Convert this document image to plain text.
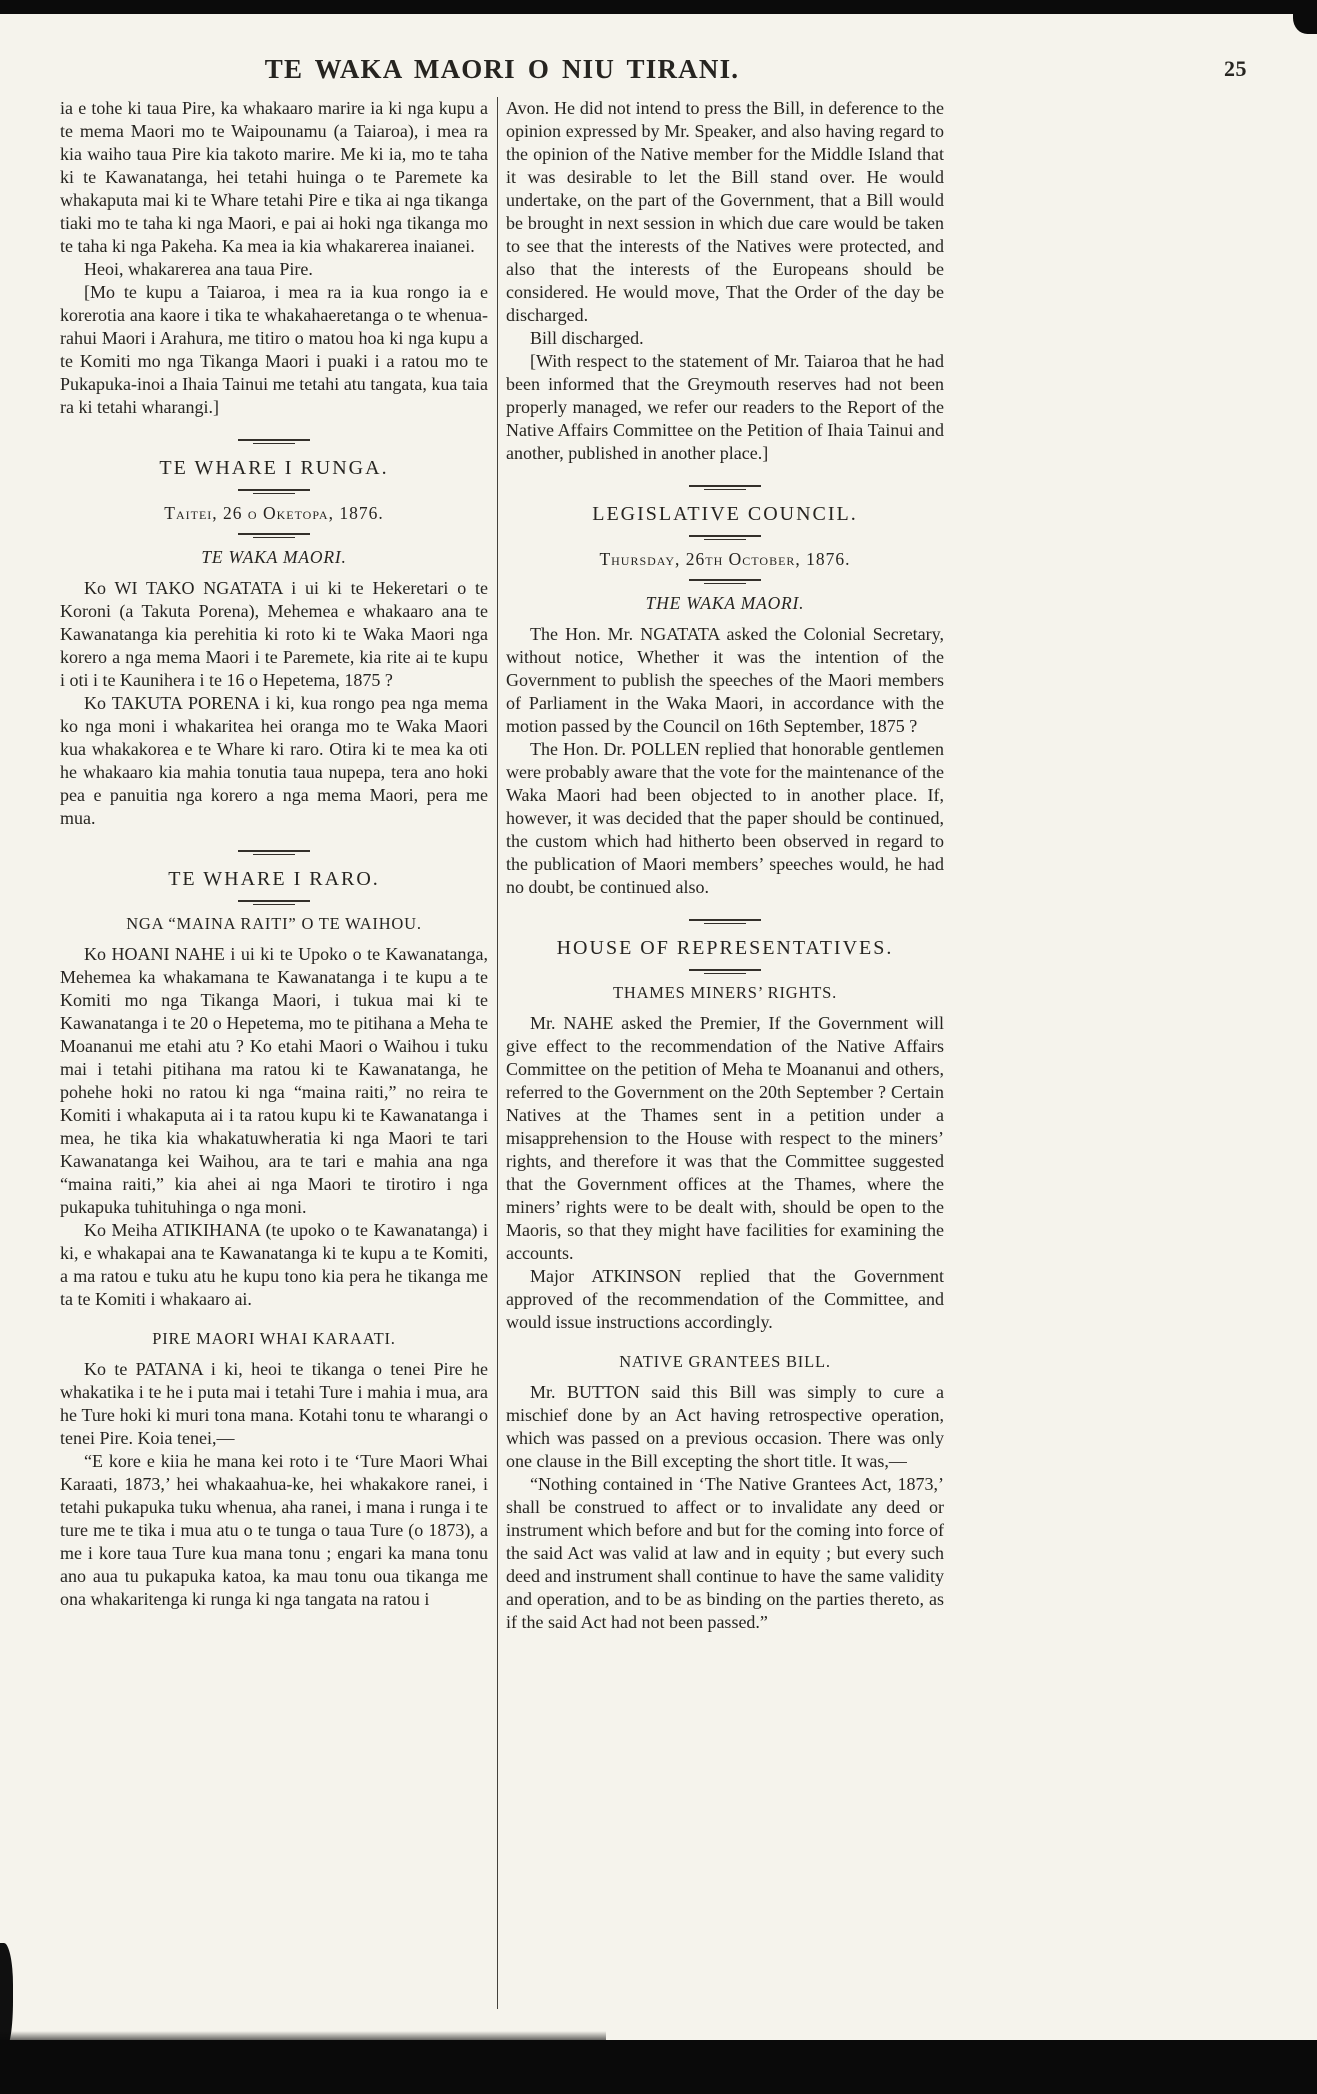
25
TE WAKA MAORI O NIU TIRANI.

ia e tohe ki taua Pire, ka whakaaro marire ia ki nga kupu a te mema Maori mo te Waipounamu (a Taiaroa), i mea ra kia waiho taua Pire kia takoto marire. Me ki ia, mo te taha ki te Kawanatanga, hei tetahi huinga o te Paremete ka whakaputa mai ki te Whare tetahi Pire e tika ai nga tikanga tiaki mo te taha ki nga Maori, e pai ai hoki nga tikanga mo te taha ki nga Pakeha. Ka mea ia kia whakarerea inaianei.

Heoi, whakarerea ana taua Pire.

[Mo te kupu a Taiaroa, i mea ra ia kua rongo ia e korerotia ana kaore i tika te whakahaeretanga o te whenua-rahui Maori i Arahura, me titiro o matou hoa ki nga kupu a te Komiti mo nga Tikanga Maori i puaki i a ratou mo te Pukapuka-inoi a Ihaia Tainui me tetahi atu tangata, kua taia ra ki tetahi wharangi.]

TE WHARE I RUNGA.

Taitei, 26 o Oketopa, 1876.

TE WAKA MAORI.

Ko WI TAKO NGATATA i ui ki te Hekeretari o te Koroni (a Takuta Porena), Mehemea e whakaaro ana te Kawanatanga kia perehitia ki roto ki te Waka Maori nga korero a nga mema Maori i te Paremete, kia rite ai te kupu i oti i te Kaunihera i te 16 o Hepetema, 1875 ?

Ko TAKUTA PORENA i ki, kua rongo pea nga mema ko nga moni i whakaritea hei oranga mo te Waka Maori kua whakakorea e te Whare ki raro. Otira ki te mea ka oti he whakaaro kia mahia tonutia taua nupepa, tera ano hoki pea e panuitia nga korero a nga mema Maori, pera me mua.

TE WHARE I RARO.
NGA “MAINA RAITI” O TE WAIHOU.

Ko HOANI NAHE i ui ki te Upoko o te Kawanatanga, Mehemea ka whakamana te Kawanatanga i te kupu a te Komiti mo nga Tikanga Maori, i tukua mai ki te Kawanatanga i te 20 o Hepetema, mo te pitihana a Meha te Moananui me etahi atu ? Ko etahi Maori o Waihou i tuku mai i tetahi pitihana ma ratou ki te Kawanatanga, he pohehe hoki no ratou ki nga “maina raiti,” no reira te Komiti i whakaputa ai i ta ratou kupu ki te Kawanatanga i mea, he tika kia whakatuwheratia ki nga Maori te tari Kawanatanga kei Waihou, ara te tari e mahia ana nga “maina raiti,” kia ahei ai nga Maori te tirotiro i nga pukapuka tuhituhinga o nga moni.

Ko Meiha ATIKIHANA (te upoko o te Kawanatanga) i ki, e whakapai ana te Kawanatanga ki te kupu a te Komiti, a ma ratou e tuku atu he kupu tono kia pera he tikanga me ta te Komiti i whakaaro ai.

PIRE MAORI WHAI KARAATI.

Ko te PATANA i ki, heoi te tikanga o tenei Pire he whakatika i te he i puta mai i tetahi Ture i mahia i mua, ara he Ture hoki ki muri tona mana. Kotahi tonu te wharangi o tenei Pire. Koia tenei,—

“E kore e kiia he mana kei roto i te ‘Ture Maori Whai Karaati, 1873,’ hei whakaahua-ke, hei whakakore ranei, i tetahi pukapuka tuku whenua, aha ranei, i mana i runga i te ture me te tika i mua atu o te tunga o taua Ture (o 1873), a me i kore taua Ture kua mana tonu ; engari ka mana tonu ano aua tu pukapuka katoa, ka mau tonu oua tikanga me ona whakaritenga ki runga ki nga tangata na ratou i

Avon. He did not intend to press the Bill, in deference to the opinion expressed by Mr. Speaker, and also having regard to the opinion of the Native member for the Middle Island that it was desirable to let the Bill stand over. He would undertake, on the part of the Government, that a Bill would be brought in next session in which due care would be taken to see that the interests of the Natives were protected, and also that the interests of the Europeans should be considered. He would move, That the Order of the day be discharged.

Bill discharged.

[With respect to the statement of Mr. Taiaroa that he had been informed that the Greymouth reserves had not been properly managed, we refer our readers to the Report of the Native Affairs Committee on the Petition of Ihaia Tainui and another, published in another place.]

LEGISLATIVE COUNCIL.

Thursday, 26th October, 1876.

THE WAKA MAORI.

The Hon. Mr. NGATATA asked the Colonial Secretary, without notice, Whether it was the intention of the Government to publish the speeches of the Maori members of Parliament in the Waka Maori, in accordance with the motion passed by the Council on 16th September, 1875 ?

The Hon. Dr. POLLEN replied that honorable gentlemen were probably aware that the vote for the maintenance of the Waka Maori had been objected to in another place. If, however, it was decided that the paper should be continued, the custom which had hitherto been observed in regard to the publication of Maori members’ speeches would, he had no doubt, be continued also.

HOUSE OF REPRESENTATIVES.
THAMES MINERS’ RIGHTS.

Mr. NAHE asked the Premier, If the Government will give effect to the recommendation of the Native Affairs Committee on the petition of Meha te Moananui and others, referred to the Government on the 20th September ? Certain Natives at the Thames sent in a petition under a misapprehension to the House with respect to the miners’ rights, and therefore it was that the Committee suggested that the Government offices at the Thames, where the miners’ rights were to be dealt with, should be open to the Maoris, so that they might have facilities for examining the accounts.

Major ATKINSON replied that the Government approved of the recommendation of the Committee, and would issue instructions accordingly.

NATIVE GRANTEES BILL.

Mr. BUTTON said this Bill was simply to cure a mischief done by an Act having retrospective operation, which was passed on a previous occasion. There was only one clause in the Bill excepting the short title. It was,—

“Nothing contained in ‘The Native Grantees Act, 1873,’ shall be construed to affect or to invalidate any deed or instrument which before and but for the coming into force of the said Act was valid at law and in equity ; but every such deed and instrument shall continue to have the same validity and operation, and to be as binding on the parties thereto, as if the said Act had not been passed.”
